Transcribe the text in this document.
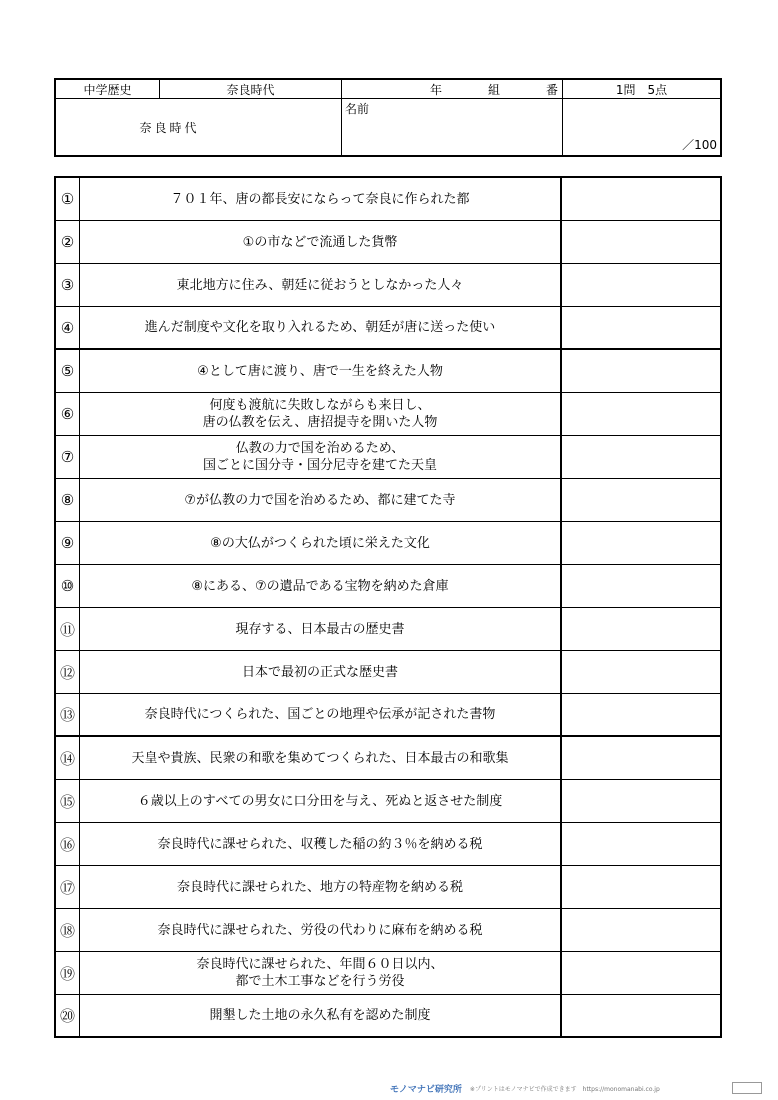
中学歴史	奈良時代	年	組	番	1問　5点
奈良時代
名前
／100
①	７０１年、唐の都長安にならって奈良に作られた都
②	①の市などで流通した貨幣
③	東北地方に住み、朝廷に従おうとしなかった人々
④	進んだ制度や文化を取り入れるため、朝廷が唐に送った使い
⑤	④として唐に渡り、唐で一生を終えた人物
⑥	何度も渡航に失敗しながらも来日し、
唐の仏教を伝え、唐招提寺を開いた人物
⑦	仏教の力で国を治めるため、
国ごとに国分寺・国分尼寺を建てた天皇
⑧	⑦が仏教の力で国を治めるため、都に建てた寺
⑨	⑧の大仏がつくられた頃に栄えた文化
⑩	⑧にある、⑦の遺品である宝物を納めた倉庫
⑪	現存する、日本最古の歴史書
⑫	日本で最初の正式な歴史書
⑬	奈良時代につくられた、国ごとの地理や伝承が記された書物
⑭	天皇や貴族、民衆の和歌を集めてつくられた、日本最古の和歌集
⑮	６歳以上のすべての男女に口分田を与え、死ぬと返させた制度
⑯	奈良時代に課せられた、収穫した稲の約３％を納める税
⑰	奈良時代に課せられた、地方の特産物を納める税
⑱	奈良時代に課せられた、労役の代わりに麻布を納める税
⑲	奈良時代に課せられた、年間６０日以内、
都で土木工事などを行う労役
⑳	開墾した土地の永久私有を認めた制度
モノマナビ研究所 ※プリントはモノマナビで作成できます　https://monomanabi.co.jp
